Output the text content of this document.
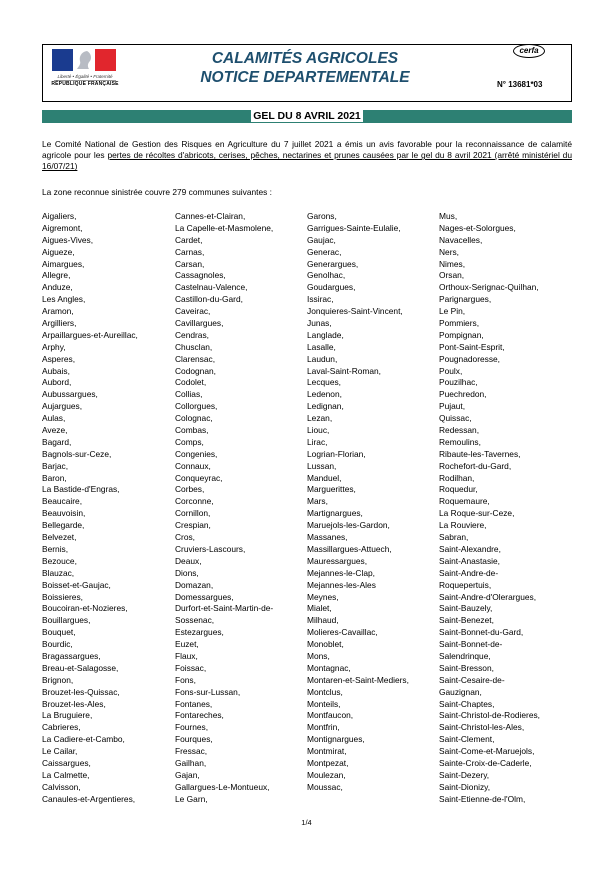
Liberté • Égalité • Fraternité
RÉPUBLIQUE FRANÇAISE
CALAMITÉS AGRICOLES
NOTICE DEPARTEMENTALE
cerfa
N° 13681*03
GEL DU 8 AVRIL 2021
Le Comité National de Gestion des Risques en Agriculture du 7 juillet 2021 a émis un avis favorable pour la reconnaissance de calamité agricole pour les pertes de récoltes d'abricots, cerises, pêches, nectarines et prunes causées par le gel du 8 avril 2021 (arrêté ministériel du 16/07/21)
La zone reconnue sinistrée couvre 279 communes suivantes :
Aigaliers,
Aigremont,
Aigues-Vives,
Aigueze,
Aimargues,
Allegre,
Anduze,
Les Angles,
Aramon,
Argilliers,
Arpaillargues-et-Aureillac,
Arphy,
Asperes,
Aubais,
Aubord,
Aubussargues,
Aujargues,
Aulas,
Aveze,
Bagard,
Bagnols-sur-Ceze,
Barjac,
Baron,
La Bastide-d'Engras,
Beaucaire,
Beauvoisin,
Bellegarde,
Belvezet,
Bernis,
Bezouce,
Blauzac,
Boisset-et-Gaujac,
Boissieres,
Boucoiran-et-Nozieres,
Bouillargues,
Bouquet,
Bourdic,
Bragassargues,
Breau-et-Salagosse,
Brignon,
Brouzet-les-Quissac,
Brouzet-les-Ales,
La Bruguiere,
Cabrieres,
La Cadiere-et-Cambo,
Le Cailar,
Caissargues,
La Calmette,
Calvisson,
Canaules-et-Argentieres,
Cannes-et-Clairan,
La Capelle-et-Masmolene,
Cardet,
Carnas,
Carsan,
Cassagnoles,
Castelnau-Valence,
Castillon-du-Gard,
Caveirac,
Cavillargues,
Cendras,
Chusclan,
Clarensac,
Codognan,
Codolet,
Collias,
Collorgues,
Colognac,
Combas,
Comps,
Congenies,
Connaux,
Conqueyrac,
Corbes,
Corconne,
Cornillon,
Crespian,
Cros,
Cruviers-Lascours,
Deaux,
Dions,
Domazan,
Domessargues,
Durfort-et-Saint-Martin-de-
Sossenac,
Estezargues,
Euzet,
Flaux,
Foissac,
Fons,
Fons-sur-Lussan,
Fontanes,
Fontareches,
Fournes,
Fourques,
Fressac,
Gailhan,
Gajan,
Gallargues-Le-Montueux,
Le Garn,
Garons,
Garrigues-Sainte-Eulalie,
Gaujac,
Generac,
Generargues,
Genolhac,
Goudargues,
Issirac,
Jonquieres-Saint-Vincent,
Junas,
Langlade,
Lasalle,
Laudun,
Laval-Saint-Roman,
Lecques,
Ledenon,
Ledignan,
Lezan,
Liouc,
Lirac,
Logrian-Florian,
Lussan,
Manduel,
Marguerittes,
Mars,
Martignargues,
Maruejols-les-Gardon,
Massanes,
Massillargues-Attuech,
Mauressargues,
Mejannes-le-Clap,
Mejannes-les-Ales
Meynes,
Mialet,
Milhaud,
Molieres-Cavaillac,
Monoblet,
Mons,
Montagnac,
Montaren-et-Saint-Mediers,
Montclus,
Monteils,
Montfaucon,
Montfrin,
Montignargues,
Montmirat,
Montpezat,
Moulezan,
Moussac,
Mus,
Nages-et-Solorgues,
Navacelles,
Ners,
Nimes,
Orsan,
Orthoux-Serignac-Quilhan,
Parignargues,
Le Pin,
Pommiers,
Pompignan,
Pont-Saint-Esprit,
Pougnadoresse,
Poulx,
Pouzilhac,
Puechredon,
Pujaut,
Quissac,
Redessan,
Remoulins,
Ribaute-les-Tavernes,
Rochefort-du-Gard,
Rodilhan,
Roquedur,
Roquemaure,
La Roque-sur-Ceze,
La Rouviere,
Sabran,
Saint-Alexandre,
Saint-Anastasie,
Saint-Andre-de-
Roquepertuis,
Saint-Andre-d'Olerargues,
Saint-Bauzely,
Saint-Benezet,
Saint-Bonnet-du-Gard,
Saint-Bonnet-de-
Salendrinque,
Saint-Bresson,
Saint-Cesaire-de-
Gauzignan,
Saint-Chaptes,
Saint-Christol-de-Rodieres,
Saint-Christol-les-Ales,
Saint-Clement,
Saint-Come-et-Maruejols,
Sainte-Croix-de-Caderle,
Saint-Dezery,
Saint-Dionizy,
Saint-Etienne-de-l'Olm,
1/4
